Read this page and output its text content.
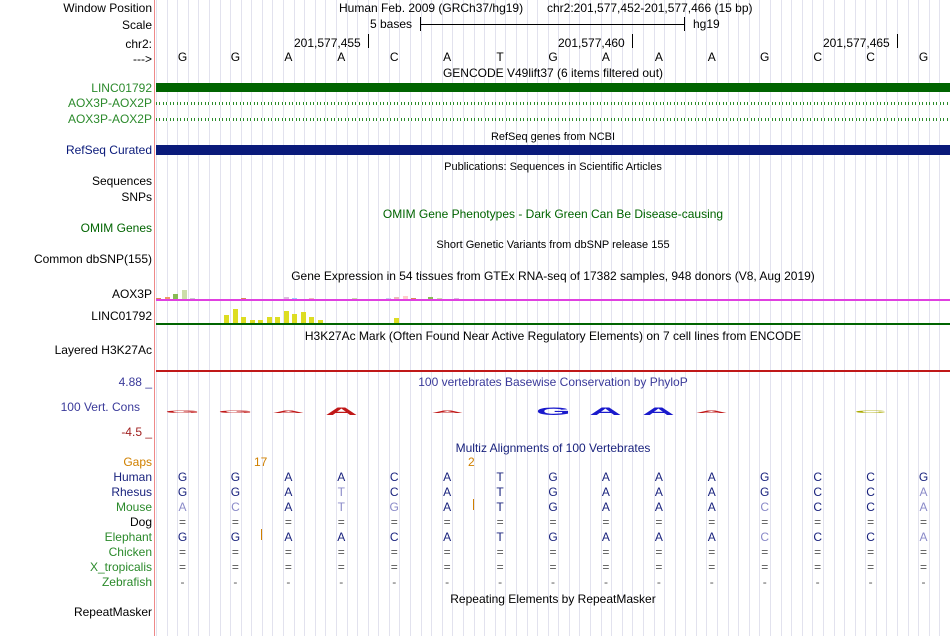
Window Position
Scale
chr2:
--->
Human Feb. 2009 (GRCh37/hg19) chr2:201,577,452-201,577,466 (15 bp)
5 bases	hg19
201,577,455	201,577,460	201,577,465
G	G	A	A	C	A	T	G	A	A	A	G	C	C	G
GENCODE V49lift37 (6 items filtered out)
LINC01792
AOX3P-AOX2P
AOX3P-AOX2P
RefSeq genes from NCBI
RefSeq Curated
Publications: Sequences in Scientific Articles
Sequences
SNPs
OMIM Gene Phenotypes - Dark Green Can Be Disease-causing
OMIM Genes
Short Genetic Variants from dbSNP release 155
Common dbSNP(155)
Gene Expression in 54 tissues from GTEx RNA-seq of 17382 samples, 948 donors (V8, Aug 2019)
AOX3P
LINC01792
H3K27Ac Mark (Often Found Near Active Regulatory Elements) on 7 cell lines from ENCODE
Layered H3K27Ac
100 vertebrates Basewise Conservation by PhyloP
4.88 _
100 Vert. Cons
-4.5 _
G	G	A	A	A	G	A	A	A	C
Multiz Alignments of 100 Vertebrates
Gaps	17	2
Human
Rhesus
Mouse
Dog
Elephant
Chicken
X_tropicalis
Zebrafish
G	G	A	A	C	A	T	G	A	A	A	G	C	C	G
G	G	A	T	C	A	T	G	A	A	A	G	C	C	A
A	C	A	T	G	A	T	G	A	A	A	C	C	C	A
=	=	=	=	=	=	=	=	=	=	=	=	=	=	=
G	G	A	A	C	A	T	G	A	A	A	C	C	C	A
=	=	=	=	=	=	=	=	=	=	=	=	=	=	=
=	=	=	=	=	=	=	=	=	=	=	=	=	=	=
-	-	-	-	-	-	-	-	-	-	-	-	-	-	-
Repeating Elements by RepeatMasker
RepeatMasker
